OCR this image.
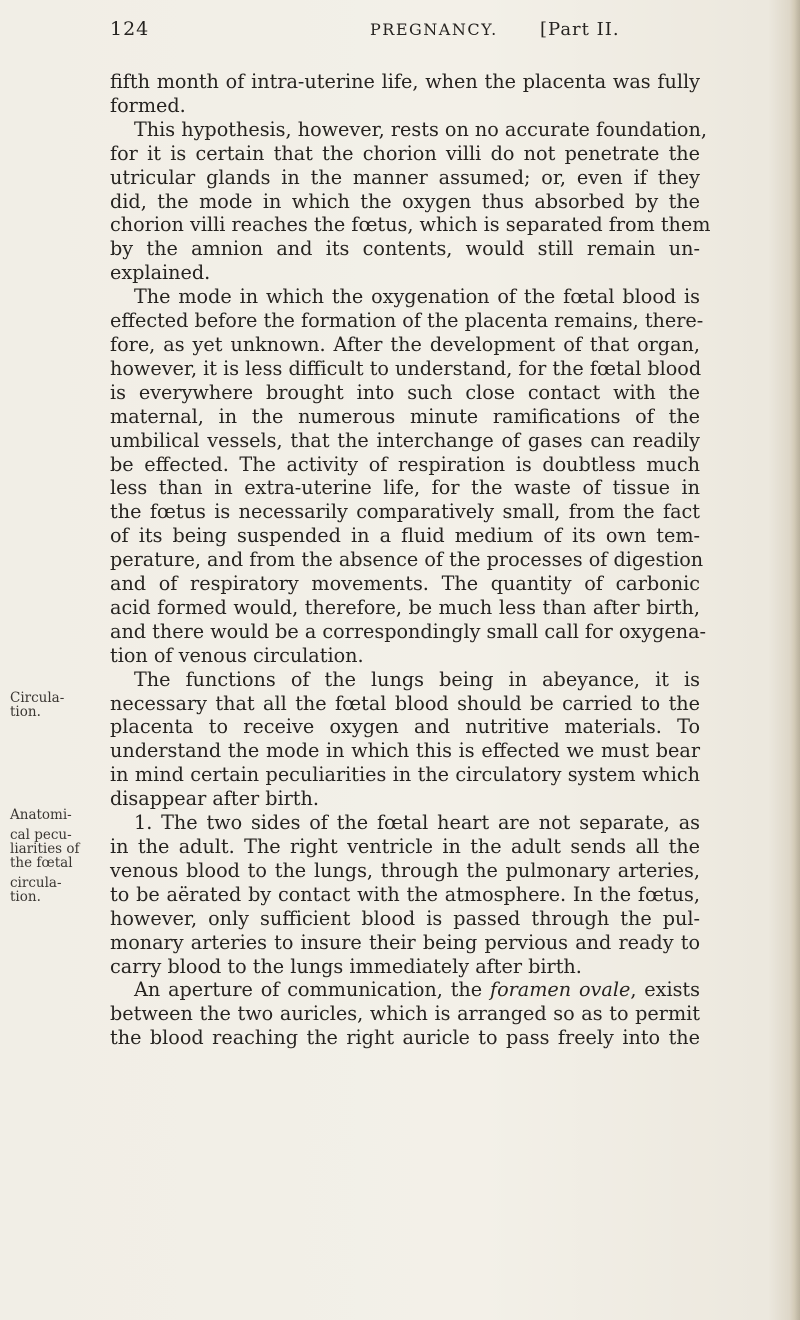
124	PREGNANCY. [Part II.
Circula-
tion.
Anatomi-
cal pecu-
liarities of
the fœtal
circula-
tion.
fifth month of intra-uterine life, when the placenta was fully
formed.
This hypothesis, however, rests on no accurate foundation,
for it is certain that the chorion villi do not penetrate the
utricular glands in the manner assumed; or, even if they
did, the mode in which the oxygen thus absorbed by the
chorion villi reaches the fœtus, which is separated from them
by the amnion and its contents, would still remain un-
explained.
The mode in which the oxygenation of the fœtal blood is
effected before the formation of the placenta remains, there-
fore, as yet unknown. After the development of that organ,
however, it is less difficult to understand, for the fœtal blood
is everywhere brought into such close contact with the
maternal, in the numerous minute ramifications of the
umbilical vessels, that the interchange of gases can readily
be effected. The activity of respiration is doubtless much
less than in extra-uterine life, for the waste of tissue in
the fœtus is necessarily comparatively small, from the fact
of its being suspended in a fluid medium of its own tem-
perature, and from the absence of the processes of digestion
and of respiratory movements. The quantity of carbonic
acid formed would, therefore, be much less than after birth,
and there would be a correspondingly small call for oxygena-
tion of venous circulation.
The functions of the lungs being in abeyance, it is
necessary that all the fœtal blood should be carried to the
placenta to receive oxygen and nutritive materials. To
understand the mode in which this is effected we must bear
in mind certain peculiarities in the circulatory system which
disappear after birth.
1. The two sides of the fœtal heart are not separate, as
in the adult. The right ventricle in the adult sends all the
venous blood to the lungs, through the pulmonary arteries,
to be aërated by contact with the atmosphere. In the fœtus,
however, only sufficient blood is passed through the pul-
monary arteries to insure their being pervious and ready to
carry blood to the lungs immediately after birth.
An aperture of communication, the foramen ovale, exists
between the two auricles, which is arranged so as to permit
the blood reaching the right auricle to pass freely into the
